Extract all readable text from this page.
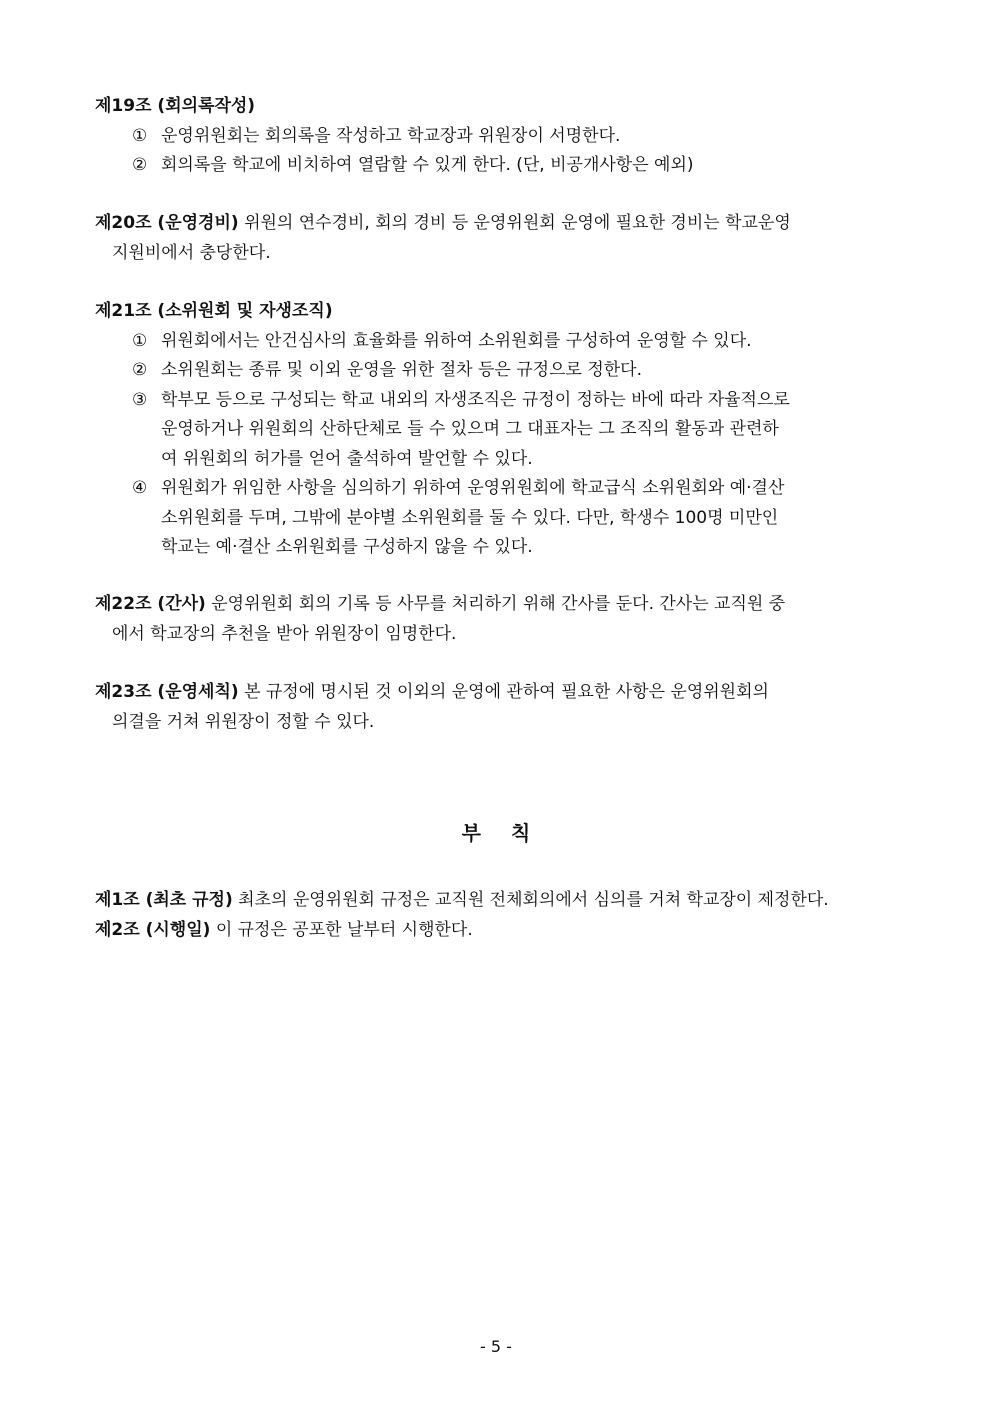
제19조 (회의록작성)
① 운영위원회는 회의록을 작성하고 학교장과 위원장이 서명한다.
② 회의록을 학교에 비치하여 열람할 수 있게 한다. (단, 비공개사항은 예외)
제20조 (운영경비) 위원의 연수경비, 회의 경비 등 운영위원회 운영에 필요한 경비는 학교운영
지원비에서 충당한다.
제21조 (소위원회 및 자생조직)
① 위원회에서는 안건심사의 효율화를 위하여 소위원회를 구성하여 운영할 수 있다.
② 소위원회는 종류 및 이외 운영을 위한 절차 등은 규정으로 정한다.
③ 학부모 등으로 구성되는 학교 내외의 자생조직은 규정이 정하는 바에 따라 자율적으로
운영하거나 위원회의 산하단체로 들 수 있으며 그 대표자는 그 조직의 활동과 관련하
여 위원회의 허가를 얻어 출석하여 발언할 수 있다.
④ 위원회가 위임한 사항을 심의하기 위하여 운영위원회에 학교급식 소위원회와 예·결산
소위원회를 두며, 그밖에 분야별 소위원회를 둘 수 있다. 다만, 학생수 100명 미만인
학교는 예·결산 소위원회를 구성하지 않을 수 있다.
제22조 (간사) 운영위원회 회의 기록 등 사무를 처리하기 위해 간사를 둔다. 간사는 교직원 중
에서 학교장의 추천을 받아 위원장이 임명한다.
제23조 (운영세칙) 본 규정에 명시된 것 이외의 운영에 관하여 필요한 사항은 운영위원회의
의결을 거쳐 위원장이 정할 수 있다.
부칙
제1조 (최초 규정) 최초의 운영위원회 규정은 교직원 전체회의에서 심의를 거쳐 학교장이 제정한다.
제2조 (시행일) 이 규정은 공포한 날부터 시행한다.
- 5 -
